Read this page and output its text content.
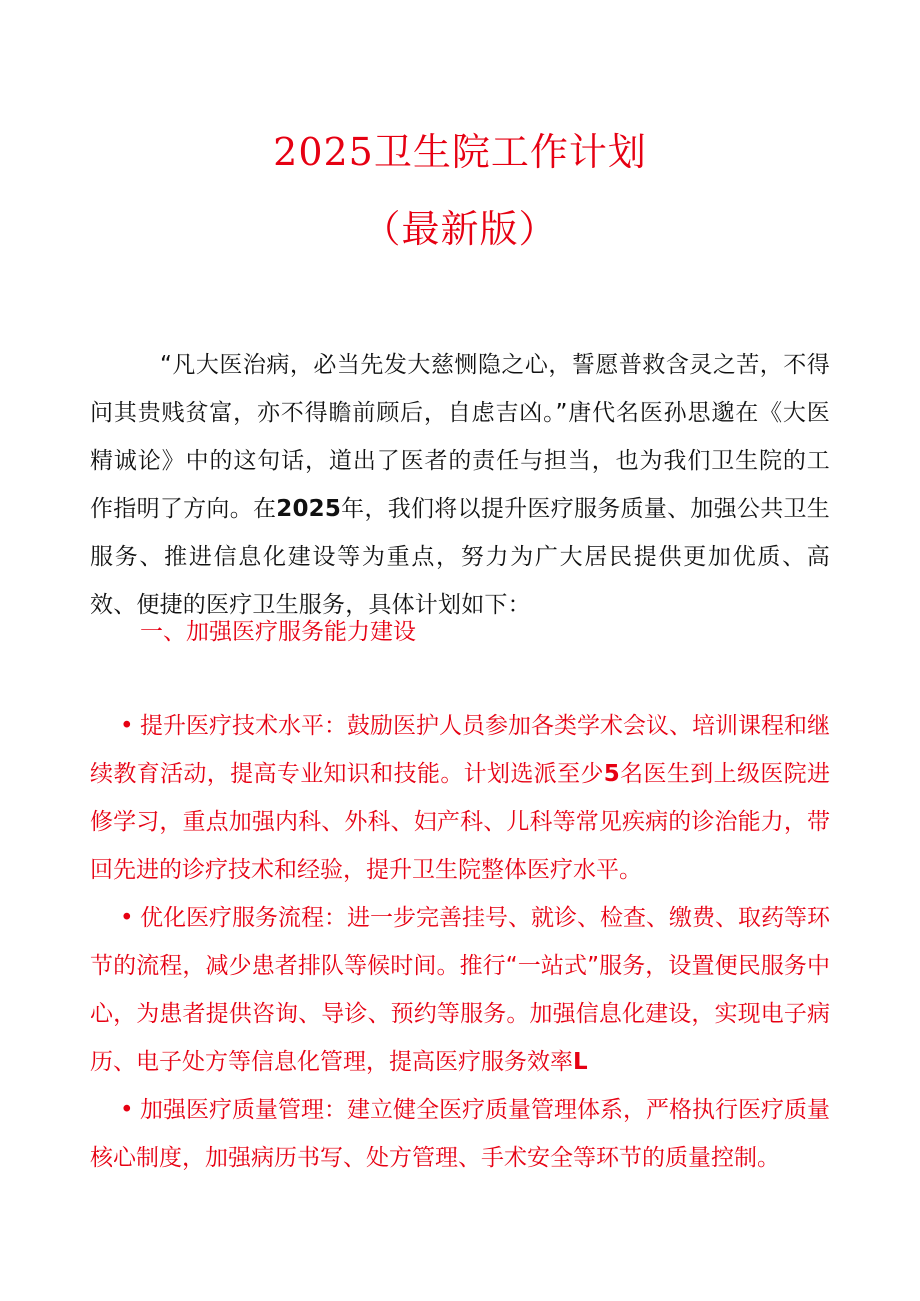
2025卫生院工作计划
（最新版）

“凡大医治病，必当先发大慈恻隐之心，誓愿普救含灵之苦，不得问其贵贱贫富，亦不得瞻前顾后，自虑吉凶。”唐代名医孙思邈在《大医精诚论》中的这句话，道出了医者的责任与担当，也为我们卫生院的工作指明了方向。在2025年，我们将以提升医疗服务质量、加强公共卫生服务、推进信息化建设等为重点，努力为广大居民提供更加优质、高效、便捷的医疗卫生服务，具体计划如下：

一、加强医疗服务能力建设
• 提升医疗技术水平：鼓励医护人员参加各类学术会议、培训课程和继续教育活动，提高专业知识和技能。计划选派至少5名医生到上级医院进修学习，重点加强内科、外科、妇产科、儿科等常见疾病的诊治能力，带回先进的诊疗技术和经验，提升卫生院整体医疗水平。
• 优化医疗服务流程：进一步完善挂号、就诊、检查、缴费、取药等环节的流程，减少患者排队等候时间。推行“一站式”服务，设置便民服务中心，为患者提供咨询、导诊、预约等服务。加强信息化建设，实现电子病历、电子处方等信息化管理，提高医疗服务效率L
• 加强医疗质量管理：建立健全医疗质量管理体系，严格执行医疗质量核心制度，加强病历书写、处方管理、手术安全等环节的质量控制。
